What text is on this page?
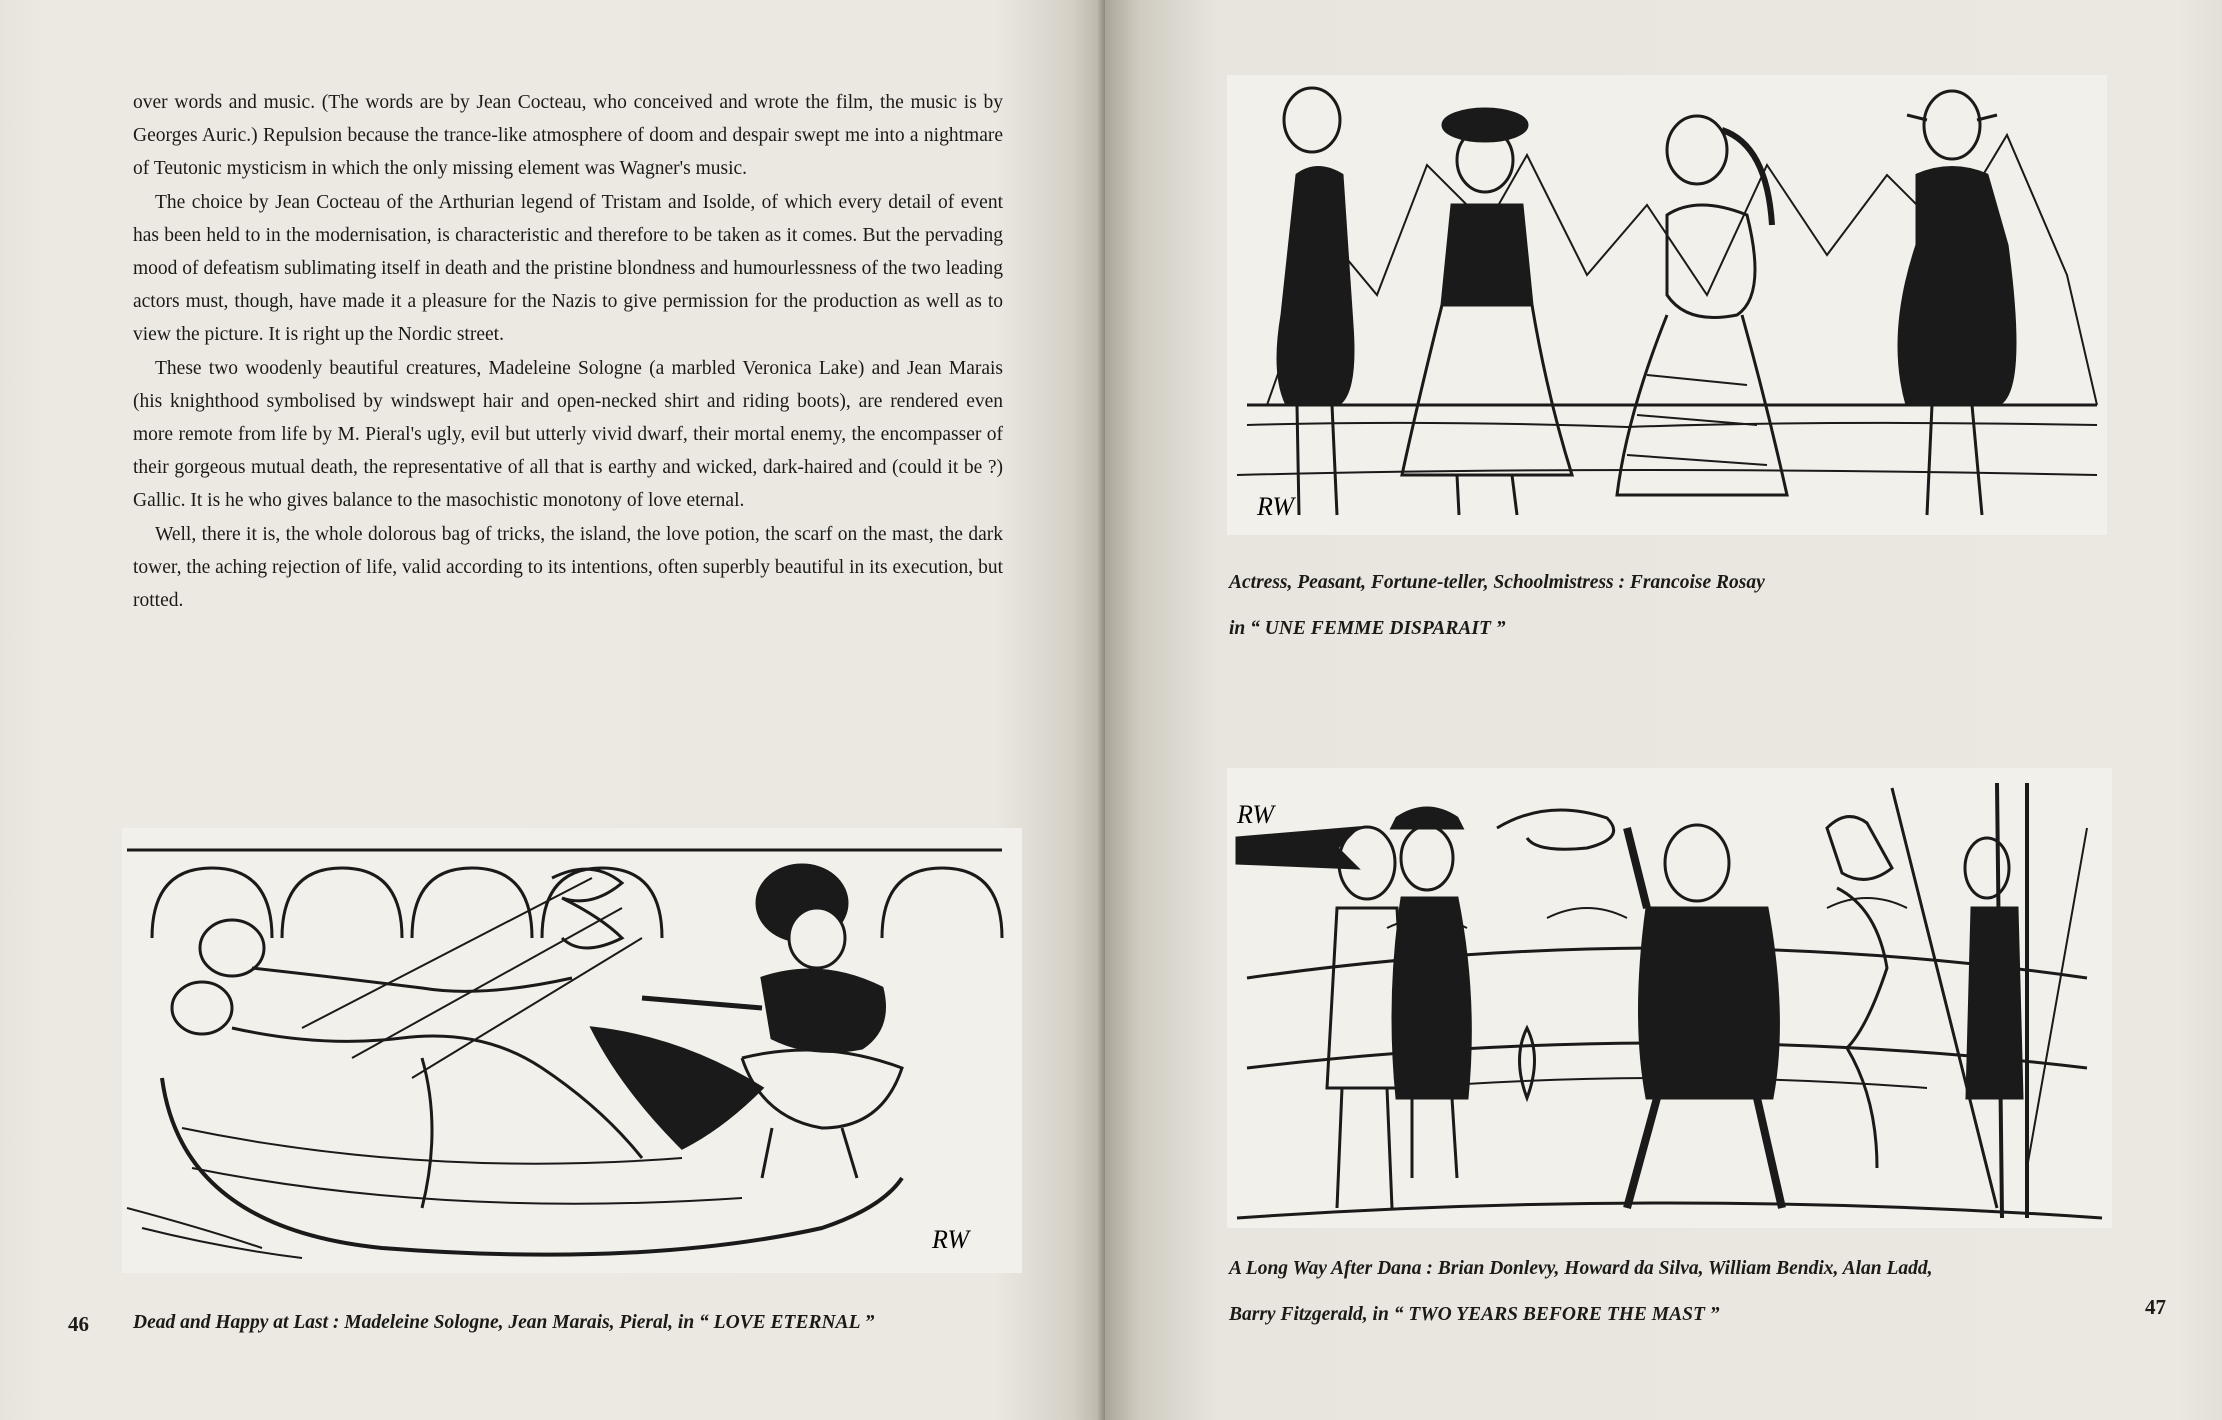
over words and music. (The words are by Jean Cocteau, who conceived and wrote the film, the music is by Georges Auric.) Repulsion because the trance-like atmosphere of doom and despair swept me into a nightmare of Teutonic mysticism in which the only missing element was Wagner's music.

The choice by Jean Cocteau of the Arthurian legend of Tristam and Isolde, of which every detail of event has been held to in the modernisation, is characteristic and therefore to be taken as it comes. But the pervading mood of defeatism sublimating itself in death and the pristine blondness and humourlessness of the two leading actors must, though, have made it a pleasure for the Nazis to give permission for the production as well as to view the picture. It is right up the Nordic street.

These two woodenly beautiful creatures, Madeleine Sologne (a marbled Veronica Lake) and Jean Marais (his knighthood symbolised by windswept hair and open-necked shirt and riding boots), are rendered even more remote from life by M. Pieral's ugly, evil but utterly vivid dwarf, their mortal enemy, the encompasser of their gorgeous mutual death, the representative of all that is earthy and wicked, dark-haired and (could it be ?) Gallic. It is he who gives balance to the masochistic monotony of love eternal.

Well, there it is, the whole dolorous bag of tricks, the island, the love potion, the scarf on the mast, the dark tower, the aching rejection of life, valid according to its intentions, often superbly beautiful in its execution, but rotted.

RW
Dead and Happy at Last : Madeleine Sologne, Jean Marais, Pieral, in “ LOVE ETERNAL ”
46
RW
Actress, Peasant, Fortune-teller, Schoolmistress : Francoise Rosay
in “ UNE FEMME DISPARAIT ”
RW
A Long Way After Dana : Brian Donlevy, Howard da Silva, William Bendix, Alan Ladd,
Barry Fitzgerald, in “ TWO YEARS BEFORE THE MAST ”	47
